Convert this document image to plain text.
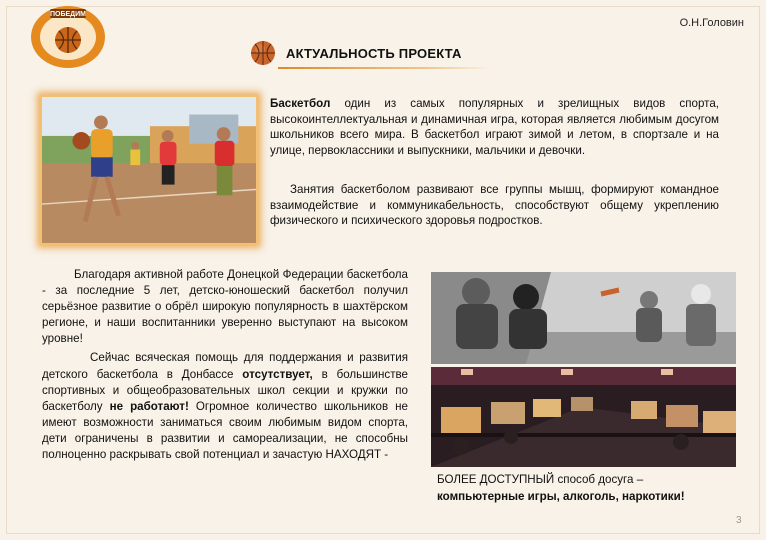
ПОБЕДИМ
О.Н.Головин
АКТУАЛЬНОСТЬ ПРОЕКТА
Баскетбол один из самых популярных и зрелищных видов спорта, высокоинтеллектуальная и динамичная игра, которая является любимым досугом школьников всего мира. В баскетбол играют зимой и летом, в спортзале и на улице, первоклассники и выпускники, мальчики и девочки.
Занятия баскетболом развивают все группы мышц, формируют командное взаимодействие и коммуникабельность, способствуют общему укреплению физического и психического здоровья подростков.

Благодаря активной работе Донецкой Федерации баскетбола - за последние 5 лет, детско-юношеский баскетбол получил серьёзное развитие о обрёл широкую популярность в шахтёрском регионе, и наши воспитанники уверенно выступают на высоком уровне!

Сейчас всяческая помощь для поддержания и развития детского баскетбола в Донбассе отсутствует, в большинстве спортивных и общеобразовательных школ секции и кружки по баскетболу не работают! Огромное количество школьников не имеют возможности заниматься своим любимым видом спорта, дети ограничены в развитии и самореализации, не способны полноценно раскрывать свой потенциал и зачастую НАХОДЯТ -

БОЛЕЕ ДОСТУПНЫЙ способ досуга –
компьютерные игры, алкоголь, наркотики!
3
